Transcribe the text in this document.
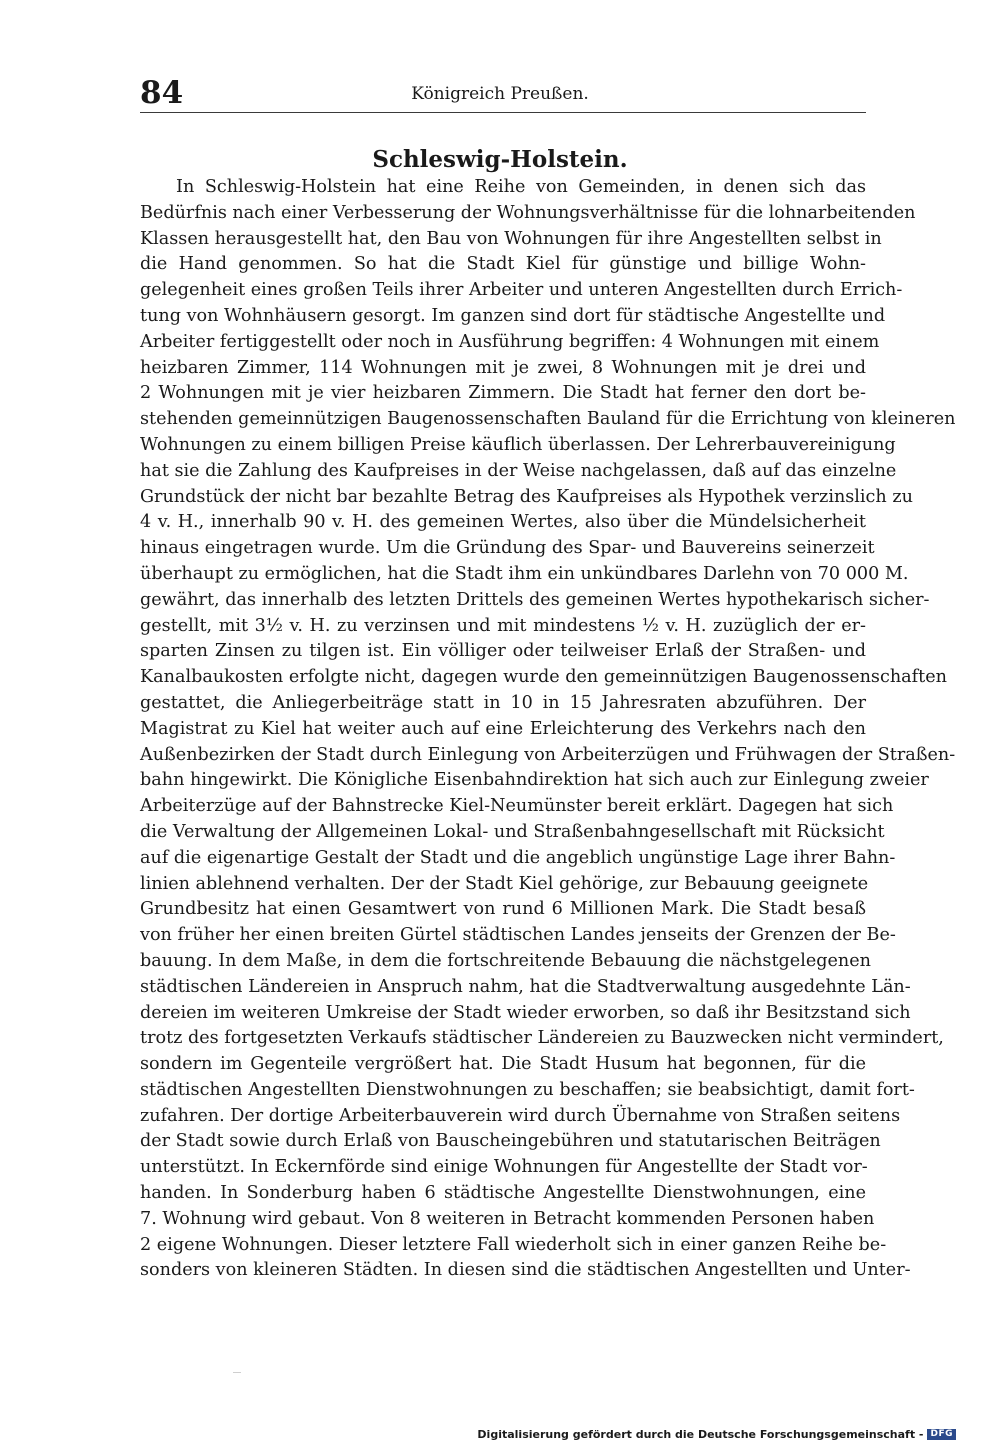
84	Königreich Preußen.
Schleswig-Holstein.
In Schleswig-Holstein hat eine Reihe von Gemeinden, in denen sich das
Bedürfnis nach einer Verbesserung der Wohnungsverhältnisse für die lohnarbeitenden
Klassen herausgestellt hat, den Bau von Wohnungen für ihre Angestellten selbst in
die Hand genommen. So hat die Stadt Kiel für günstige und billige Wohn-
gelegenheit eines großen Teils ihrer Arbeiter und unteren Angestellten durch Errich-
tung von Wohnhäusern gesorgt. Im ganzen sind dort für städtische Angestellte und
Arbeiter fertiggestellt oder noch in Ausführung begriffen: 4 Wohnungen mit einem
heizbaren Zimmer, 114 Wohnungen mit je zwei, 8 Wohnungen mit je drei und
2 Wohnungen mit je vier heizbaren Zimmern. Die Stadt hat ferner den dort be-
stehenden gemeinnützigen Baugenossenschaften Bauland für die Errichtung von kleineren
Wohnungen zu einem billigen Preise käuflich überlassen. Der Lehrerbauvereinigung
hat sie die Zahlung des Kaufpreises in der Weise nachgelassen, daß auf das einzelne
Grundstück der nicht bar bezahlte Betrag des Kaufpreises als Hypothek verzinslich zu
4 v. H., innerhalb 90 v. H. des gemeinen Wertes, also über die Mündelsicherheit
hinaus eingetragen wurde. Um die Gründung des Spar- und Bauvereins seinerzeit
überhaupt zu ermöglichen, hat die Stadt ihm ein unkündbares Darlehn von 70 000 M.
gewährt, das innerhalb des letzten Drittels des gemeinen Wertes hypothekarisch sicher-
gestellt, mit 3½ v. H. zu verzinsen und mit mindestens ½ v. H. zuzüglich der er-
sparten Zinsen zu tilgen ist. Ein völliger oder teilweiser Erlaß der Straßen- und
Kanalbaukosten erfolgte nicht, dagegen wurde den gemeinnützigen Baugenossenschaften
gestattet, die Anliegerbeiträge statt in 10 in 15 Jahresraten abzuführen. Der
Magistrat zu Kiel hat weiter auch auf eine Erleichterung des Verkehrs nach den
Außenbezirken der Stadt durch Einlegung von Arbeiterzügen und Frühwagen der Straßen-
bahn hingewirkt. Die Königliche Eisenbahndirektion hat sich auch zur Einlegung zweier
Arbeiterzüge auf der Bahnstrecke Kiel-Neumünster bereit erklärt. Dagegen hat sich
die Verwaltung der Allgemeinen Lokal- und Straßenbahngesellschaft mit Rücksicht
auf die eigenartige Gestalt der Stadt und die angeblich ungünstige Lage ihrer Bahn-
linien ablehnend verhalten. Der der Stadt Kiel gehörige, zur Bebauung geeignete
Grundbesitz hat einen Gesamtwert von rund 6 Millionen Mark. Die Stadt besaß
von früher her einen breiten Gürtel städtischen Landes jenseits der Grenzen der Be-
bauung. In dem Maße, in dem die fortschreitende Bebauung die nächstgelegenen
städtischen Ländereien in Anspruch nahm, hat die Stadtverwaltung ausgedehnte Län-
dereien im weiteren Umkreise der Stadt wieder erworben, so daß ihr Besitzstand sich
trotz des fortgesetzten Verkaufs städtischer Ländereien zu Bauzwecken nicht vermindert,
sondern im Gegenteile vergrößert hat. Die Stadt Husum hat begonnen, für die
städtischen Angestellten Dienstwohnungen zu beschaffen; sie beabsichtigt, damit fort-
zufahren. Der dortige Arbeiterbauverein wird durch Übernahme von Straßen seitens
der Stadt sowie durch Erlaß von Bauscheingebühren und statutarischen Beiträgen
unterstützt. In Eckernförde sind einige Wohnungen für Angestellte der Stadt vor-
handen. In Sonderburg haben 6 städtische Angestellte Dienstwohnungen, eine
7. Wohnung wird gebaut. Von 8 weiteren in Betracht kommenden Personen haben
2 eigene Wohnungen. Dieser letztere Fall wiederholt sich in einer ganzen Reihe be-
sonders von kleineren Städten. In diesen sind die städtischen Angestellten und Unter-
Digitalisierung gefördert durch die Deutsche Forschungsgemeinschaft - DFG
